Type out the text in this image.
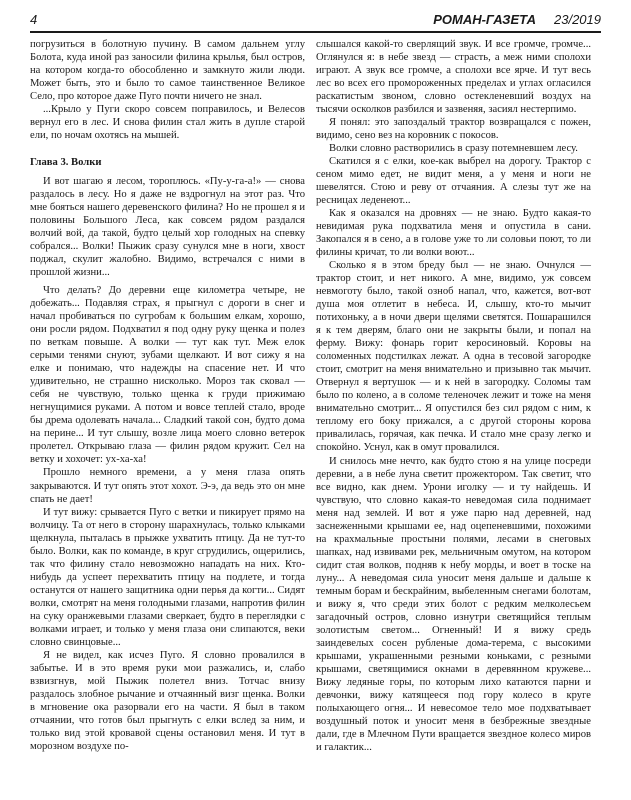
4	РОМАН-ГАЗЕТА 23/2019

погрузиться в болотную пучину. В самом дальнем углу Болота, куда иной раз заносили филина крылья, был остров, на котором когда-то обособленно и замкнуто жили люди. Может быть, это и было то самое таинственное Великое Село, про которое даже Пуго почти ничего не знал.

...Крыло у Пуги скоро совсем поправилось, и Велесов вернул его в лес. И снова филин стал жить в дупле старой ели, по ночам охотясь на мышей.

Глава 3. Волки

И вот шагаю я лесом, тороплюсь. «Пу-у-га-а!» — снова раздалось в лесу. Но я даже не вздрогнул на этот раз. Что мне бояться нашего деревенского филина? Но не прошел я и половины Большого Леса, как совсем рядом раздался волчий вой, да такой, будто целый хор голодных на спевку собрался... Волки! Пыжик сразу сунулся мне в ноги, хвост поджал, скулит жалобно. Видимо, встречался с ними в прошлой жизни...

Что делать? До деревни еще километра четыре, не добежать... Подавляя страх, я прыгнул с дороги в снег и начал пробиваться по сугробам к большим елкам, хорошо, они росли рядом. Подхватил я под одну руку щенка и полез по веткам повыше. А волки — тут как тут. Меж елок серыми тенями снуют, зубами щелкают. И вот сижу я на елке и понимаю, что надежды на спасение нет. И что удивительно, не страшно нисколько. Мороз так сковал — себя не чувствую, только щенка к груди прижимаю негнущимися руками. А потом и вовсе теплей стало, вроде бы дрема одолевать начала... Сладкий такой сон, будто дома на перине... И тут слышу, возле лица моего словно ветерок пролетел. Открываю глаза — филин рядом кружит. Сел на ветку и хохочет: ух-ха-ха!

Прошло немного времени, а у меня глаза опять закрываются. И тут опять этот хохот. Э-э, да ведь это он мне спать не дает!

И тут вижу: срывается Пуго с ветки и пикирует прямо на волчицу. Та от него в сторону шарахнулась, только клыками щелкнула, пыталась в прыжке ухватить птицу. Да не тут-то было. Волки, как по команде, в круг сгрудились, ощерились, так что филину стало невозможно нападать на них. Кто-нибудь да успеет перехватить птицу на подлете, и тогда останутся от нашего защитника одни перья да когти... Сидят волки, смотрят на меня голодными глазами, напротив филин на суку оранжевыми глазами сверкает, будто в переглядки с волками играет, и только у меня глаза они слипаются, веки словно свинцовые...

Я не видел, как исчез Пуго. Я словно провалился в забытье. И в это время руки мои разжались, и, слабо взвизгнув, мой Пыжик полетел вниз. Тотчас внизу раздалось злобное рычание и отчаянный визг щенка. Волки в мгновение ока разорвали его на части. Я был в таком отчаянии, что готов был прыгнуть с елки вслед за ним, и только вид этой кровавой сцены остановил меня. И тут в морозном воздухе по-

слышался какой-то сверлящий звук. И все громче, громче... Оглянулся я: в небе звезд — страсть, а меж ними сполохи играют. А звук все громче, а сполохи все ярче. И тут весь лес во всех его промороженных пределах и углах огласился раскатистым звоном, словно остекленевший воздух на тысячи осколков разбился и зазвеняя, засиял нестерпимо.

Я понял: это запоздалый трактор возвращался с пожен, видимо, сено вез на коровник с покосов.

Волки словно растворились в сразу потемневшем лесу.

Скатился я с елки, кое-как выбрел на дорогу. Трактор с сеном мимо едет, не видит меня, а у меня и ноги не шевелятся. Стою и реву от отчаяния. А слезы тут же на ресницах леденеют...

Как я оказался на дровнях — не знаю. Будто какая-то невидимая рука подхватила меня и опустила в сани. Закопался я в сено, а в голове уже то ли соловьи поют, то ли филины кричат, то ли волки воют...

Сколько я в этом бреду был — не знаю. Очнулся — трактор стоит, и нет никого. А мне, видимо, уж совсем невмоготу было, такой озноб напал, что, кажется, вот-вот душа моя отлетит в небеса. И, слышу, кто-то мычит потихоньку, а в ночи двери щелями светятся. Пошарашился я к тем дверям, благо они не закрыты были, и попал на ферму. Вижу: фонарь горит керосиновый. Коровы на соломенных подстилках лежат. А одна в тесовой загородке стоит, смотрит на меня внимательно и призывно так мычит. Отвернул я вертушок — и к ней в загородку. Соломы там было по колено, а в соломе теленочек лежит и тоже на меня внимательно смотрит... Я опустился без сил рядом с ним, к теплому его боку прижался, а с другой стороны корова привалилась, горячая, как печка. И стало мне сразу легко и спокойно. Уснул, как в омут провалился.

И снилось мне нечто, как будто стою я на улице посреди деревни, а в небе луна светит прожектором. Так светит, что все видно, как днем. Урони иголку — и ту найдешь. И чувствую, что словно какая-то неведомая сила поднимает меня над землей. И вот я уже парю над деревней, над заснеженными крышами ее, над оцепеневшими, похожими на крахмальные простыни полями, лесами в снеговых шапках, над извивами рек, мельничным омутом, на котором сидит стая волков, подняв к небу морды, и воет в тоске на луну... А неведомая сила уносит меня дальше и дальше к темным борам и бескрайним, выбеленным снегами болотам, и вижу я, что среди этих болот с редким мелколесьем загадочный остров, словно изнутри светящийся теплым золотистым светом... Огненный! И я вижу средь заиндевелых сосен рубленые дома-терема, с высокими крышами, украшенными резными коньками, с резными крышами, светящимися окнами в деревянном кружеве... Вижу ледяные горы, по которым лихо катаются парни и девчонки, вижу катящееся под гору колесо в круге полыхающего огня... И невесомое тело мое подхватывает воздушный поток и уносит меня в безбрежные звездные дали, где в Млечном Пути вращается звездное колесо миров и галактик...
